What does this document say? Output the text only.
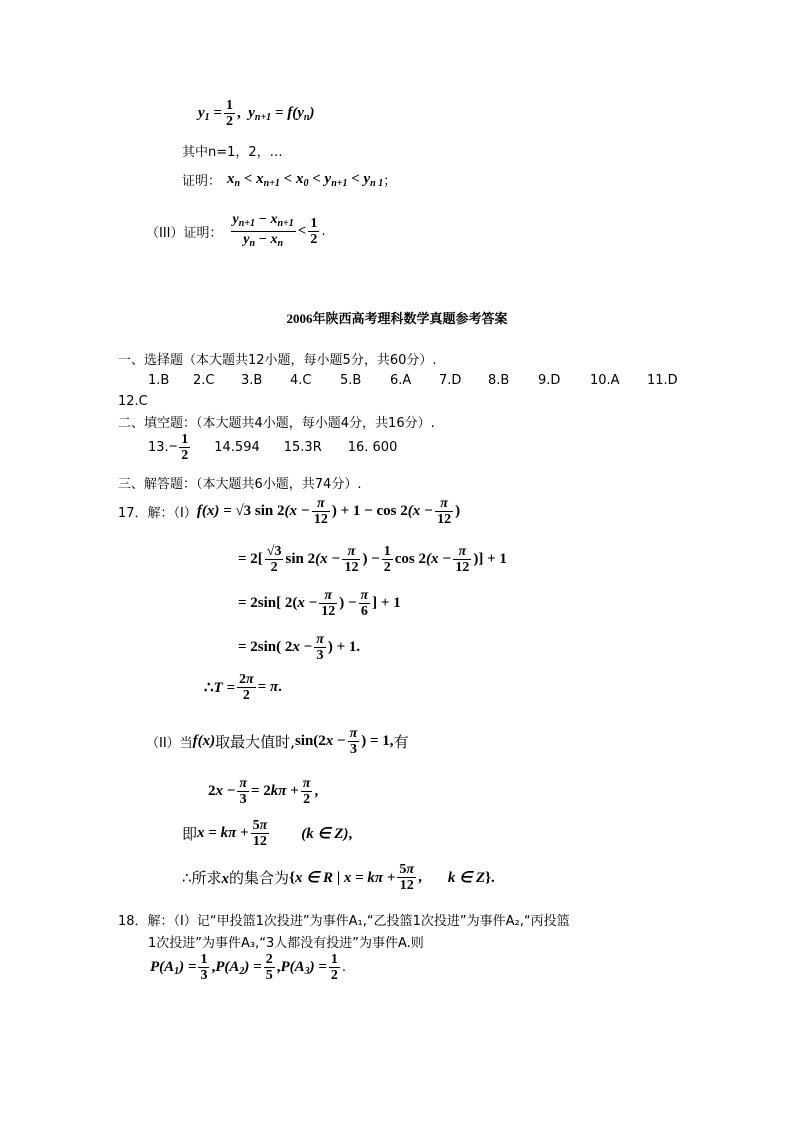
$y_1 = \frac{1}{2}$ ,  $y_{n+1} = f(y_n)$
其中n=1，2，…
证明： $x_n < x_{n+1} < x_0 < y_{n+1} < y_{n 1}$ ；
（III）证明： $\frac{y_{n+1} - x_{n+1}}{y_n - x_n} < \frac{1}{2}$ .
2006年陕西高考理科数学真题参考答案
一、选择题（本大题共12小题，每小题5分，共60分）.
1.B 2.C 3.B 4.C 5.B 6.A 7.D 8.B 9.D 10.A 11.D
12.C
二、填空题：（本大题共4小题，每小题4分，共16分）.
13. − $\frac{1}{2} 14.594$ 15.3R 16. 600
三、解答题：（本大题共6小题，共74分）.
17．解：（I） f(x) = √3 $\sin 2(x - \frac{\pi}{12}$ ) + $1 - \cos 2(x - \frac{\pi}{12}$ )
= $2[ \frac{√3}{2}$ $\sin 2(x - \frac{\pi}{12}$ ) − $\frac{1}{2}$ $\cos 2(x - \frac{\pi}{12}$ )] + 1
= 2sin[ $2(x - \frac{\pi}{12}$ ) − $\frac{\pi}{6}$ ] + 1
= 2sin( $2x - \frac{\pi}{3}$ ) + 1.
∴T = $\frac{2\pi}{2} = \pi$.
（II）当 f(x) 取最大值时, $\sin(2x - \frac{\pi}{3}$ ) = 1, 有
$2x - \frac{\pi}{3} = 2k\pi + \frac{\pi}{2}$ ,
即 $x = k\pi + \frac{5\pi}{12} (k$ ∈ Z),
∴所求x的集合为 {x ∈ R | $x = k\pi + \frac{5\pi}{12}$ , k ∈ Z}.
18．解：（I）记“甲投篮1次投进”为事件A₁,“乙投篮1次投进”为事件A₂,“丙投篮
1次投进”为事件A₃,“3人都没有投进”为事件A.则
$P(A_1) = \frac{1}{3} ,P(A_2) = \frac{2}{5} ,P(A_3) = \frac{1}{2}$ .
